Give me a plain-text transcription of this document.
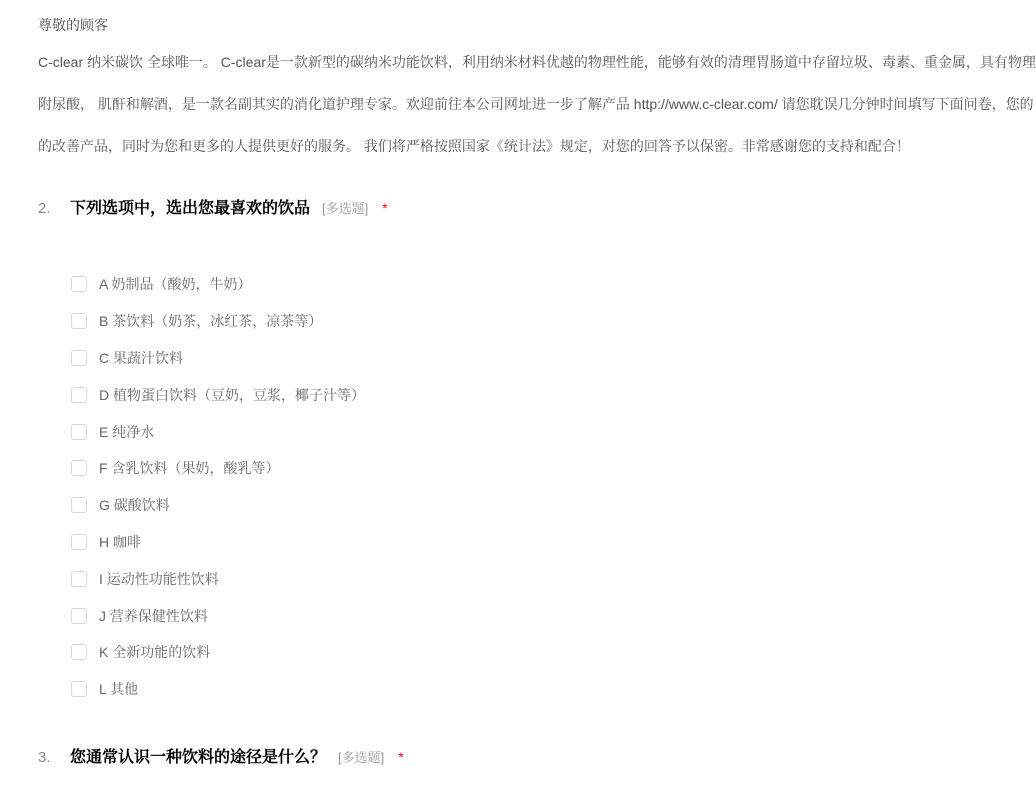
尊敬的顾客
C-clear 纳米碳饮 全球唯一。 C-clear是一款新型的碳纳米功能饮料，利用纳米材料优越的物理性能，能够有效的清理胃肠道中存留垃圾、毒素、重金属，具有物理
附尿酸， 肌酐和解酒，是一款名副其实的消化道护理专家。欢迎前往本公司网址进一步了解产品 http://www.c-clear.com/ 请您耽误几分钟时间填写下面问卷，您的
的改善产品，同时为您和更多的人提供更好的服务。 我们将严格按照国家《统计法》规定，对您的回答予以保密。非常感谢您的支持和配合！
2.	下列选项中，选出您最喜欢的饮品 [多选题] *
A 奶制品（酸奶，牛奶）
B 茶饮料（奶茶，冰红茶，凉茶等）
C 果蔬汁饮料
D 植物蛋白饮料（豆奶，豆浆，椰子汁等）
E 纯净水
F 含乳饮料（果奶，酸乳等）
G 碳酸饮料
H 咖啡
I 运动性功能性饮料
J 营养保健性饮料
K 全新功能的饮料
L 其他
3.	您通常认识一种饮料的途径是什么？ [多选题] *
